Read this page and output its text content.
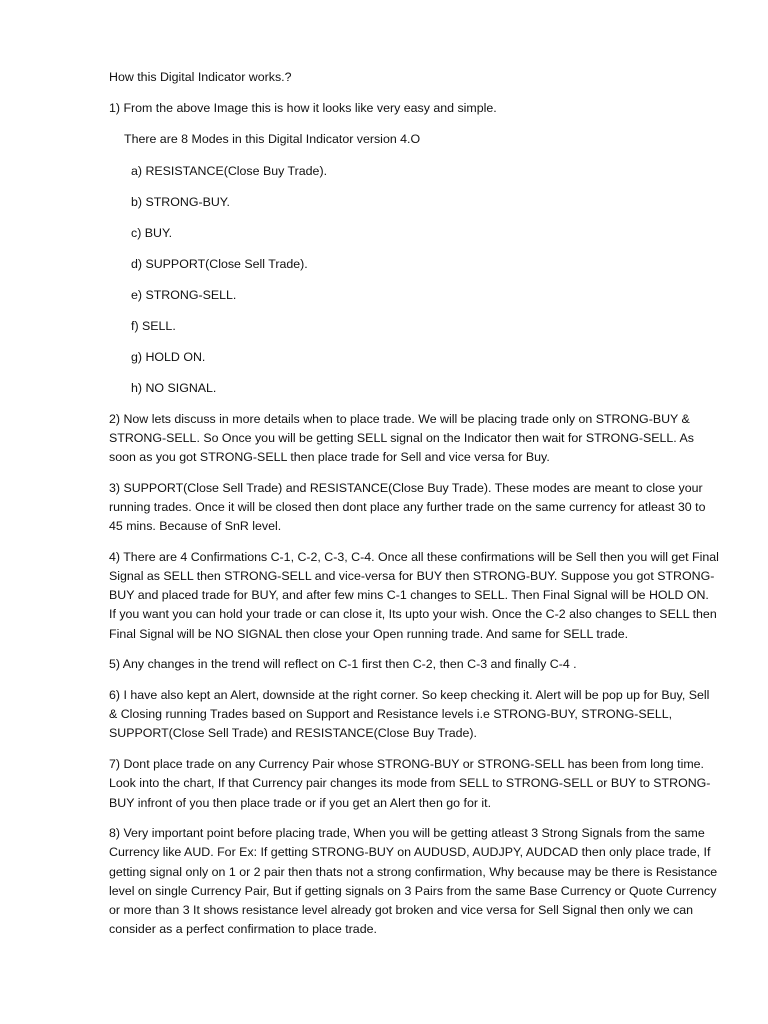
How this Digital Indicator works.?

1) From the above Image this is how it looks like very easy and simple.

There are 8 Modes in this Digital Indicator version 4.O

a) RESISTANCE(Close Buy Trade).

b) STRONG-BUY.

c) BUY.

d) SUPPORT(Close Sell Trade).

e) STRONG-SELL.

f) SELL.

g) HOLD ON.

h) NO SIGNAL.

2) Now lets discuss in more details when to place trade. We will be placing trade only on STRONG-BUY & STRONG-SELL. So Once you will be getting SELL signal on the Indicator then wait for STRONG-SELL. As soon as you got STRONG-SELL then place trade for Sell and vice versa for Buy.

3) SUPPORT(Close Sell Trade) and RESISTANCE(Close Buy Trade). These modes are meant to close your running trades. Once it will be closed then dont place any further trade on the same currency for atleast 30 to 45 mins. Because of SnR level.

4) There are 4 Confirmations C-1, C-2, C-3, C-4. Once all these confirmations will be Sell then you will get Final Signal as SELL then STRONG-SELL and vice-versa for BUY then STRONG-BUY. Suppose you got STRONG-BUY and placed trade for BUY, and after few mins C-1 changes to SELL. Then Final Signal will be HOLD ON. If you want you can hold your trade or can close it, Its upto your wish. Once the C-2 also changes to SELL then Final Signal will be NO SIGNAL then close your Open running trade. And same for SELL trade.

5) Any changes in the trend will reflect on C-1 first then C-2, then C-3 and finally C-4 .

6) I have also kept an Alert, downside at the right corner. So keep checking it. Alert will be pop up for Buy, Sell & Closing running Trades based on Support and Resistance levels i.e STRONG-BUY, STRONG-SELL, SUPPORT(Close Sell Trade) and RESISTANCE(Close Buy Trade).

7) Dont place trade on any Currency Pair whose STRONG-BUY or STRONG-SELL has been from long time. Look into the chart, If that Currency pair changes its mode from SELL to STRONG-SELL or BUY to STRONG-BUY infront of you then place trade or if you get an Alert then go for it.

8) Very important point before placing trade, When you will be getting atleast 3 Strong Signals from the same Currency like AUD. For Ex: If getting STRONG-BUY on AUDUSD, AUDJPY, AUDCAD then only place trade, If getting signal only on 1 or 2 pair then thats not a strong confirmation, Why because may be there is Resistance level on single Currency Pair, But if getting signals on 3 Pairs from the same Base Currency or Quote Currency or more than 3 It shows resistance level already got broken and vice versa for Sell Signal then only we can consider as a perfect confirmation to place trade.
